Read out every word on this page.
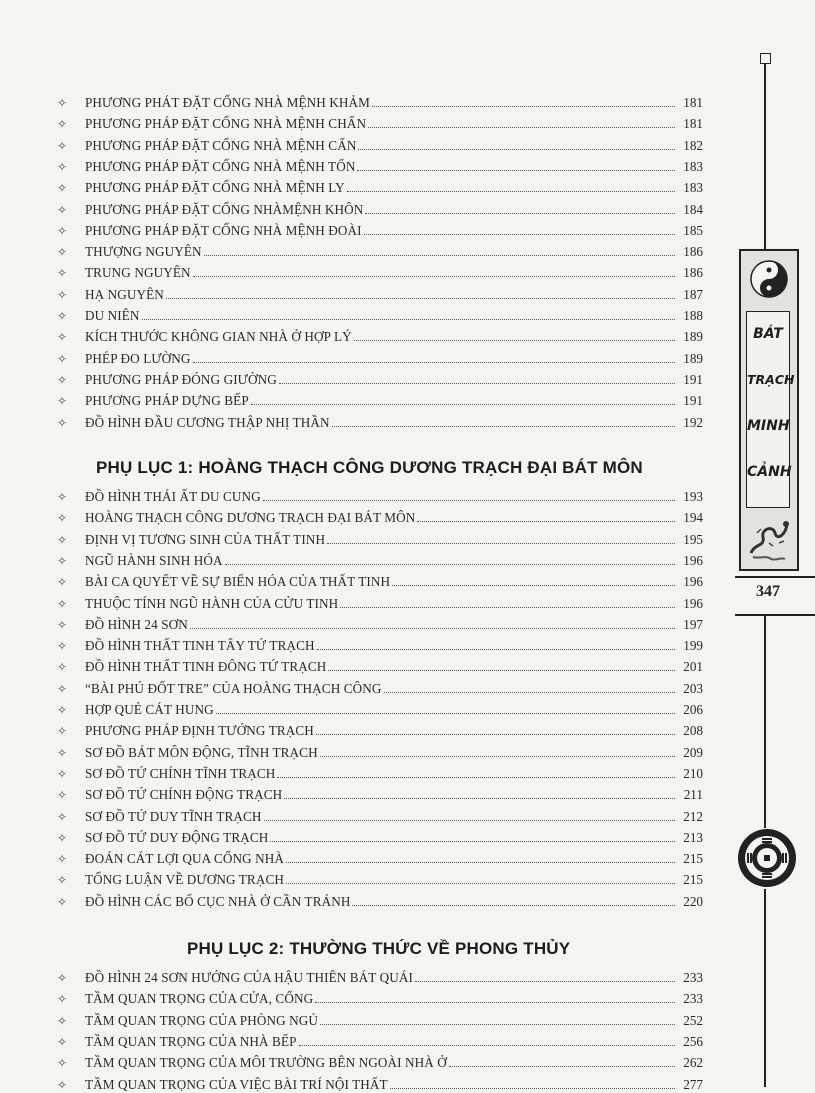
✧	PHƯƠNG PHÁT ĐẶT CỔNG NHÀ MỆNH KHẢM	181
✧	PHƯƠNG PHÁP ĐẶT CỔNG NHÀ MỆNH CHẤN	181
✧	PHƯƠNG PHÁP ĐẶT CỔNG NHÀ MỆNH CẤN	182
✧	PHƯƠNG PHÁP ĐẶT CỔNG NHÀ MỆNH TỐN	183
✧	PHƯƠNG PHÁP ĐẶT CỔNG NHÀ MỆNH LY	183
✧	PHƯƠNG PHÁP ĐẶT CỔNG NHÀMỆNH KHÔN	184
✧	PHƯƠNG PHÁP ĐẶT CỔNG NHÀ MỆNH ĐOÀI	185
✧	THƯỢNG NGUYÊN	186
✧	TRUNG NGUYÊN	186
✧	HẠ NGUYÊN	187
✧	DU NIÊN	188
✧	KÍCH THƯỚC KHÔNG GIAN NHÀ Ở HỢP LÝ	189
✧	PHÉP ĐO LƯỜNG	189
✧	PHƯƠNG PHÁP ĐÓNG GIƯỜNG	191
✧	PHƯƠNG PHÁP DỰNG BẾP	191
✧	ĐỒ HÌNH ĐẦU CƯƠNG THẬP NHỊ THẦN	192
PHỤ LỤC 1: HOÀNG THẠCH CÔNG DƯƠNG TRẠCH ĐẠI BÁT MÔN
✧	ĐỒ HÌNH THÁI ẤT DU CUNG	193
✧	HOÀNG THẠCH CÔNG DƯƠNG TRẠCH ĐẠI BÁT MÔN	194
✧	ĐỊNH VỊ TƯƠNG SINH CỦA THẤT TINH	195
✧	NGŨ HÀNH SINH HÓA	196
✧	BÀI CA QUYẾT VỀ SỰ BIẾN HÓA CỦA THẤT TINH	196
✧	THUỘC TÍNH NGŨ HÀNH CỦA CỬU TINH	196
✧	ĐỒ HÌNH 24 SƠN	197
✧	ĐỒ HÌNH THẤT TINH TÂY TỨ TRẠCH	199
✧	ĐỒ HÌNH THẤT TINH ĐÔNG TỨ TRẠCH	201
✧	“BÀI PHÚ ĐỐT TRE” CỦA HOÀNG THẠCH CÔNG	203
✧	HỢP QUẺ CÁT HUNG	206
✧	PHƯƠNG PHÁP ĐỊNH TƯỚNG TRẠCH	208
✧	SƠ ĐỒ BÁT MÔN ĐỘNG, TĨNH TRẠCH	209
✧	SƠ ĐỒ TỨ CHÍNH TĨNH TRẠCH	210
✧	SƠ ĐỒ TỨ CHÍNH ĐỘNG TRẠCH	211
✧	SƠ ĐỒ TỨ DUY TĨNH TRẠCH	212
✧	SƠ ĐỒ TỨ DUY ĐỘNG TRẠCH	213
✧	ĐOÁN CÁT LỢI QUA CỔNG NHÀ	215
✧	TỔNG LUẬN VỀ DƯƠNG TRẠCH	215
✧	ĐỒ HÌNH CÁC BỐ CỤC NHÀ Ở CẦN TRÁNH	220
PHỤ LỤC 2: THƯỜNG THỨC VỀ PHONG THỦY
✧	ĐỒ HÌNH 24 SƠN HƯỚNG CỦA HẬU THIÊN BÁT QUÁI	233
✧	TẦM QUAN TRỌNG CỦA CỬA, CỔNG	233
✧	TẦM QUAN TRỌNG CỦA PHÒNG NGỦ	252
✧	TẦM QUAN TRỌNG CỦA NHÀ BẾP	256
✧	TẦM QUAN TRỌNG CỦA MÔI TRƯỜNG BÊN NGOÀI NHÀ Ở	262
✧	TẦM QUAN TRỌNG CỦA VIỆC BÀI TRÍ NỘI THẤT	277
BÁT
TRẠCH
MINH
CẢNH
347
